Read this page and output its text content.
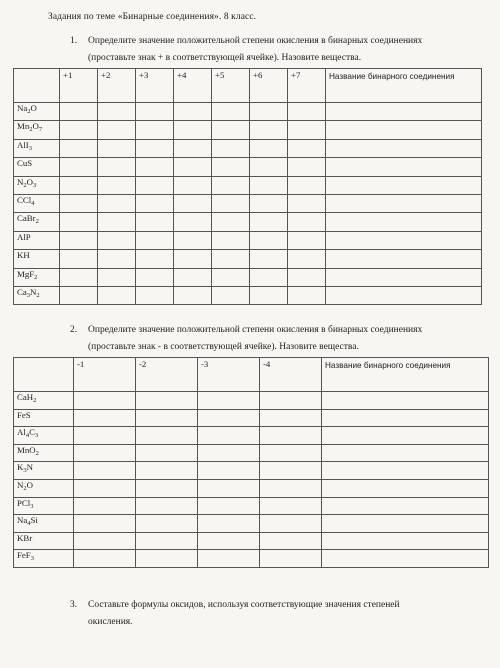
Задания по теме «Бинарные соединения». 8 класс.
1. Определите значение положительной степени окисления в бинарных соединениях
(проставьте знак + в соответствующей ячейке). Назовите вещества.
	+1	+2	+3	+4	+5	+6	+7	Название бинарного соединения
$Na_2O$								
$Mn_2O_7$								
AlI$_3$								
CuS								
$N_2O_3$								
CCl$_4$								
CaBr$_2$								
AlP								
KH								
MgF$_2$								
$Ca_3N_2$								
2. Определите значение положительной степени окисления в бинарных соединениях
(проставьте знак - в соответствующей ячейке). Назовите вещества.
	-1	-2	-3	-4	Название бинарного соединения
CaH$_2$					
FeS					
$Al_4C_3$					
MnO$_2$					
$K_3N$					
$N_2O$					
PCl$_3$					
$Na_4Si$					
KBr					
FeF$_3$					
3. Составьте формулы оксидов, используя соответствующие значения степеней
окисления.
